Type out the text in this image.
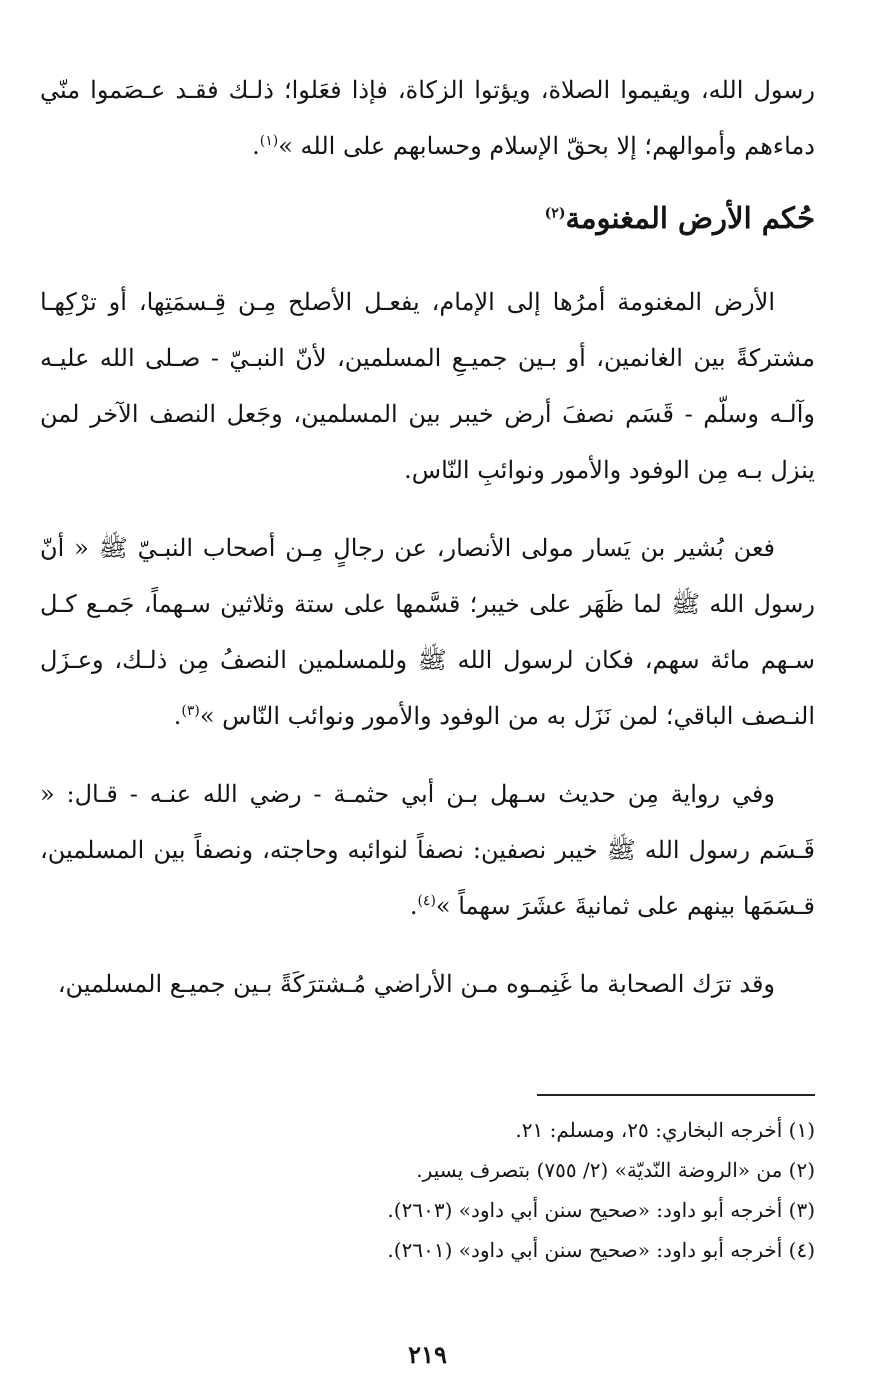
رسول الله، ويقيموا الصلاة، ويؤتوا الزكاة، فإذا فعَلوا؛ ذلـك فقـد عـصَموا منّي دماءهم وأموالهم؛ إلا بحقّ الإسلام وحسابهم على الله »$^{(١)}$.

حُكم الأرض المغنومة$^{(٢)}$

الأرض المغنومة أمرُها إلى الإمام، يفعـل الأصلح مِـن قِـسمَتِها، أو ترْكِهـا مشتركةً بين الغانمين، أو بـين جميـعِ المسلمين، لأنّ النبـيّ - صـلى الله عليـه وآلـه وسلّم - قَسَم نصفَ أرض خيبر بين المسلمين، وجَعل النصف الآخر لمن ينزل بـه مِن الوفود والأمور ونوائبِ النّاس.

فعن بُشير بن يَسار مولى الأنصار، عن رجالٍ مِـن أصحاب النبـيّ ﷺ « أنّ رسول الله ﷺ لما ظَهَر على خيبر؛ قسَّمها على ستة وثلاثين سـهماً، جَمـع كـل سـهم مائة سهم، فكان لرسول الله ﷺ وللمسلمين النصفُ مِن ذلـك، وعـزَل النـصف الباقي؛ لمن نَزَل به من الوفود والأمور ونوائب النّاس »$^{(٣)}$.

وفي رواية مِن حديث سـهل بـن أبي حثمـة - رضي الله عنـه - قـال: « قَـسَم رسول الله ﷺ خيبر نصفين: نصفاً لنوائبه وحاجته، ونصفاً بين المسلمين، قـسَمَها بينهم على ثمانيةَ عشَرَ سهماً »$^{(٤)}$.

وقد ترَك الصحابة ما غَنِمـوه مـن الأراضي مُـشترَكَةً بـين جميـع المسلمين،

(١) أخرجه البخاري: ٢٥، ومسلم: ٢١.

(٢) من «الروضة النّديّة» (٢/ ٧٥٥) بتصرف يسير.

(٣) أخرجه أبو داود: «صحيح سنن أبي داود» (٢٦٠٣).

(٤) أخرجه أبو داود: «صحيح سنن أبي داود» (٢٦٠١).

٢١٩
